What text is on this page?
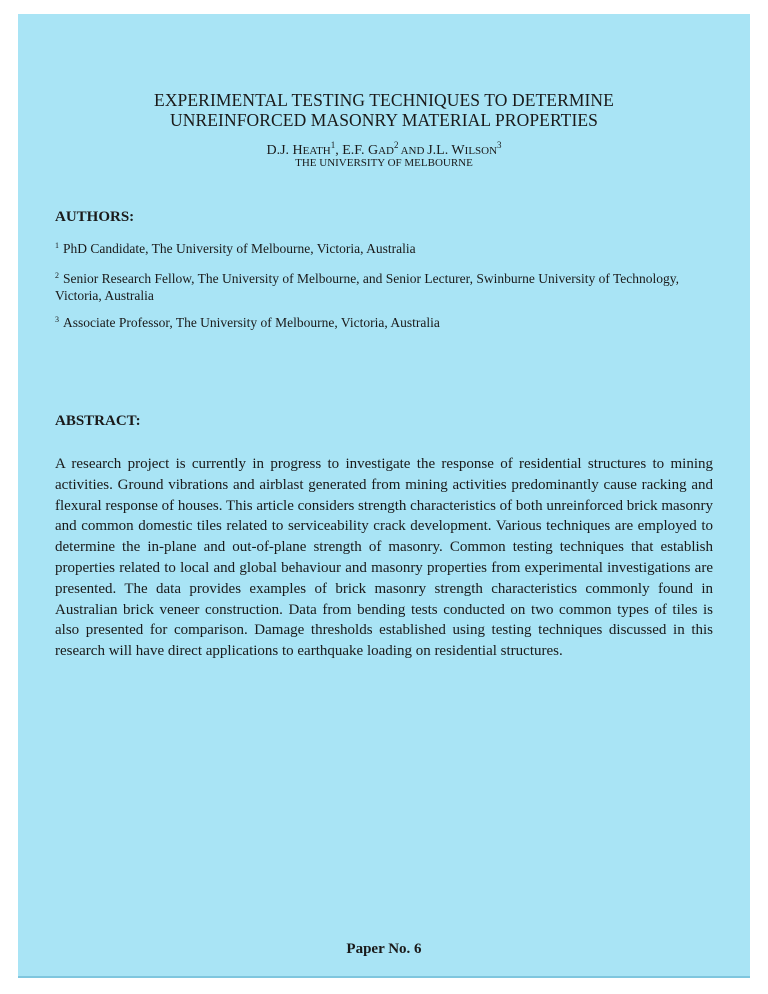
EXPERIMENTAL TESTING TECHNIQUES TO DETERMINE
UNREINFORCED MASONRY MATERIAL PROPERTIES
D.J. HEATH$^1$, E.F. GAD$^2$ AND J.L. WILSON$^3$
THE UNIVERSITY OF MELBOURNE
AUTHORS:
$^1$ PhD Candidate, The University of Melbourne, Victoria, Australia
$^2$ Senior Research Fellow, The University of Melbourne, and Senior Lecturer, Swinburne University of Technology, Victoria, Australia
$^3$ Associate Professor, The University of Melbourne, Victoria, Australia
ABSTRACT:
A research project is currently in progress to investigate the response of residential structures to mining activities. Ground vibrations and airblast generated from mining activities predominantly cause racking and flexural response of houses. This article considers strength characteristics of both unreinforced brick masonry and common domestic tiles related to serviceability crack development. Various techniques are employed to determine the in-plane and out-of-plane strength of masonry. Common testing techniques that establish properties related to local and global behaviour and masonry properties from experimental investigations are presented. The data provides examples of brick masonry strength characteristics commonly found in Australian brick veneer construction. Data from bending tests conducted on two common types of tiles is also presented for comparison. Damage thresholds established using testing techniques discussed in this research will have direct applications to earthquake loading on residential structures.
Paper No. 6
